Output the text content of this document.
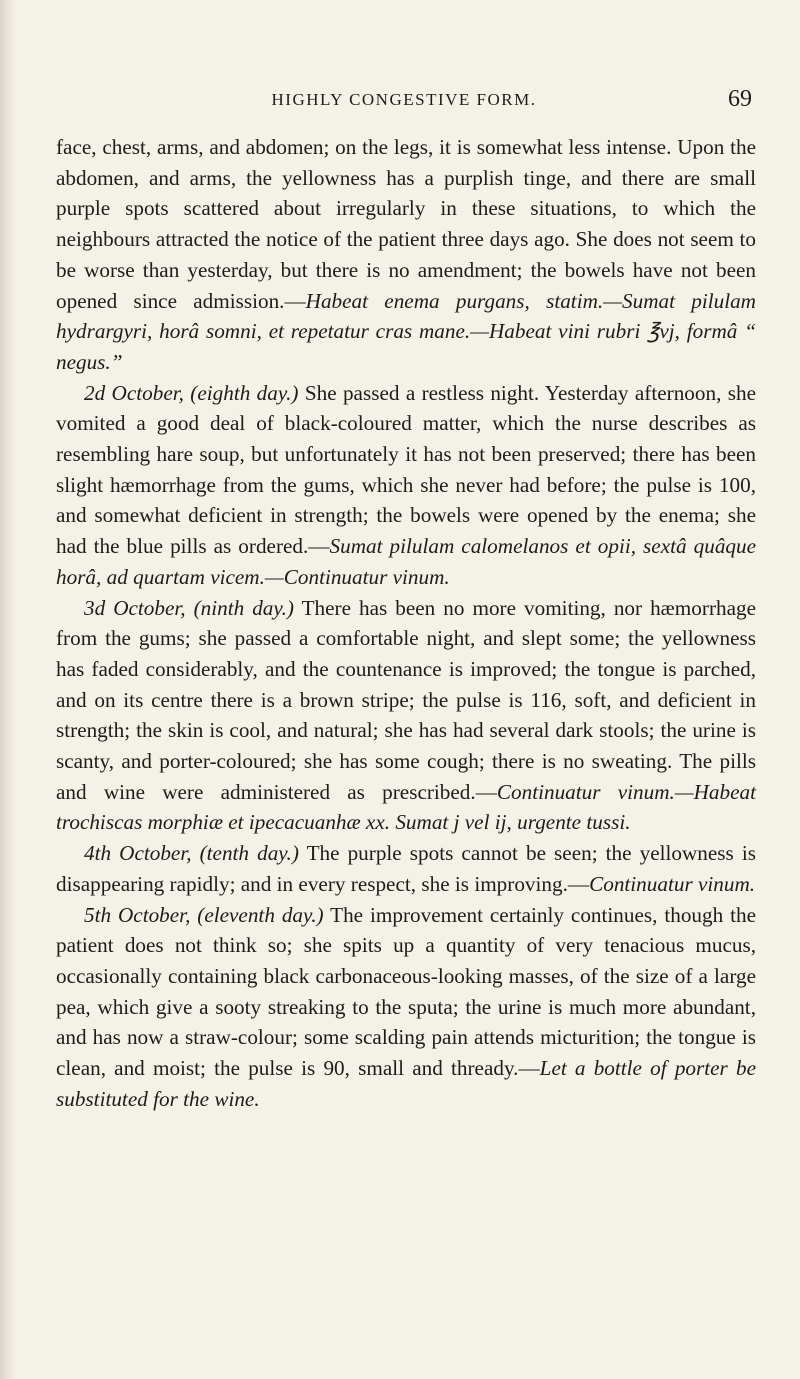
HIGHLY CONGESTIVE FORM.	69

face, chest, arms, and abdomen; on the legs, it is somewhat less intense. Upon the abdomen, and arms, the yellowness has a purplish tinge, and there are small purple spots scattered about irregularly in these situations, to which the neighbours attracted the notice of the patient three days ago. She does not seem to be worse than yesterday, but there is no amendment; the bowels have not been opened since admission.—Habeat enema purgans, statim.—Sumat pilulam hydrargyri, horâ somni, et repetatur cras mane.—Habeat vini rubri ℥vj, formâ “ negus.”

2d October, (eighth day.) She passed a restless night. Yesterday afternoon, she vomited a good deal of black-coloured matter, which the nurse describes as resembling hare soup, but unfortunately it has not been preserved; there has been slight hæmorrhage from the gums, which she never had before; the pulse is 100, and somewhat deficient in strength; the bowels were opened by the enema; she had the blue pills as ordered.—Sumat pilulam calomelanos et opii, sextâ quâque horâ, ad quartam vicem.—Continuatur vinum.

3d October, (ninth day.) There has been no more vomiting, nor hæmorrhage from the gums; she passed a comfortable night, and slept some; the yellowness has faded considerably, and the countenance is improved; the tongue is parched, and on its centre there is a brown stripe; the pulse is 116, soft, and deficient in strength; the skin is cool, and natural; she has had several dark stools; the urine is scanty, and porter-coloured; she has some cough; there is no sweating. The pills and wine were administered as prescribed.—Continuatur vinum.—Habeat trochiscas morphiæ et ipecacuanhæ xx. Sumat j vel ij, urgente tussi.

4th October, (tenth day.) The purple spots cannot be seen; the yellowness is disappearing rapidly; and in every respect, she is improving.—Continuatur vinum.

5th October, (eleventh day.) The improvement certainly continues, though the patient does not think so; she spits up a quantity of very tenacious mucus, occasionally containing black carbonaceous-looking masses, of the size of a large pea, which give a sooty streaking to the sputa; the urine is much more abundant, and has now a straw-colour; some scalding pain attends micturition; the tongue is clean, and moist; the pulse is 90, small and thready.—Let a bottle of porter be substituted for the wine.
